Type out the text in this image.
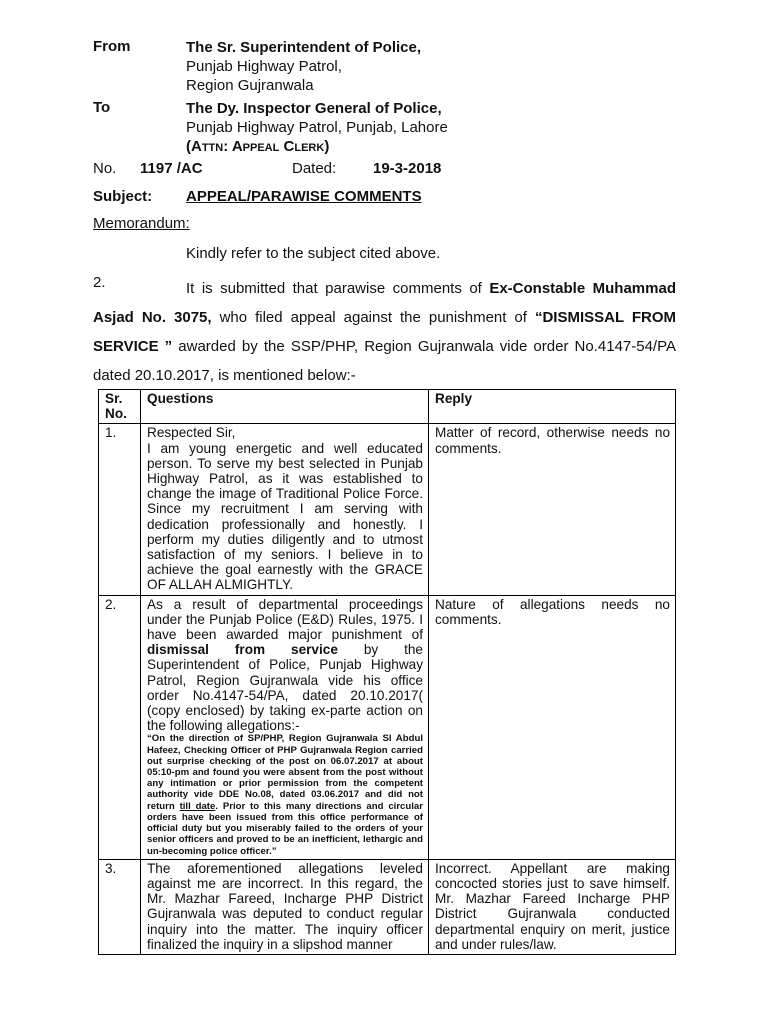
From	The Sr. Superintendent of Police,
Punjab Highway Patrol,
Region Gujranwala
To	The Dy. Inspector General of Police,
Punjab Highway Patrol, Punjab, Lahore
(ATTN: APPEAL CLERK)
No. 1197 /AC	Dated: 19-3-2018
Subject: APPEAL/PARAWISE COMMENTS
Memorandum:
Kindly refer to the subject cited above.
2.	It is submitted that parawise comments of Ex-Constable Muhammad Asjad No. 3075, who filed appeal against the punishment of “DISMISSAL FROM SERVICE ” awarded by the SSP/PHP, Region Gujranwala vide order No.4147-54/PA dated 20.10.2017, is mentioned below:-
Sr. No.	Questions	Reply
1.	Respected Sir,
I am young energetic and well educated person. To serve my best selected in Punjab Highway Patrol, as it was established to change the image of Traditional Police Force. Since my recruitment I am serving with dedication professionally and honestly. I perform my duties diligently and to utmost satisfaction of my seniors. I believe in to achieve the goal earnestly with the GRACE OF ALLAH ALMIGHTLY.	Matter of record, otherwise needs no comments.
2.	As a result of departmental proceedings under the Punjab Police (E&D) Rules, 1975. I have been awarded major punishment of dismissal from service by the Superintendent of Police, Punjab Highway Patrol, Region Gujranwala vide his office order No.4147-54/PA, dated 20.10.2017( (copy enclosed) by taking ex-parte action on the following allegations:-
“On the direction of SP/PHP, Region Gujranwala SI Abdul Hafeez, Checking Officer of PHP Gujranwala Region carried out surprise checking of the post on 06.07.2017 at about 05:10-pm and found you were absent from the post without any intimation or prior permission from the competent authority vide DDE No.08, dated 03.06.2017 and did not return till date. Prior to this many directions and circular orders have been issued from this office performance of official duty but you miserably failed to the orders of your senior officers and proved to be an inefficient, lethargic and un-becoming police officer.”	Nature of allegations needs no comments.
3.	The aforementioned allegations leveled against me are incorrect. In this regard, the Mr. Mazhar Fareed, Incharge PHP District Gujranwala was deputed to conduct regular inquiry into the matter. The inquiry officer finalized the inquiry in a slipshod manner	Incorrect. Appellant are making concocted stories just to save himself. Mr. Mazhar Fareed Incharge PHP District Gujranwala conducted departmental enquiry on merit, justice and under rules/law.
